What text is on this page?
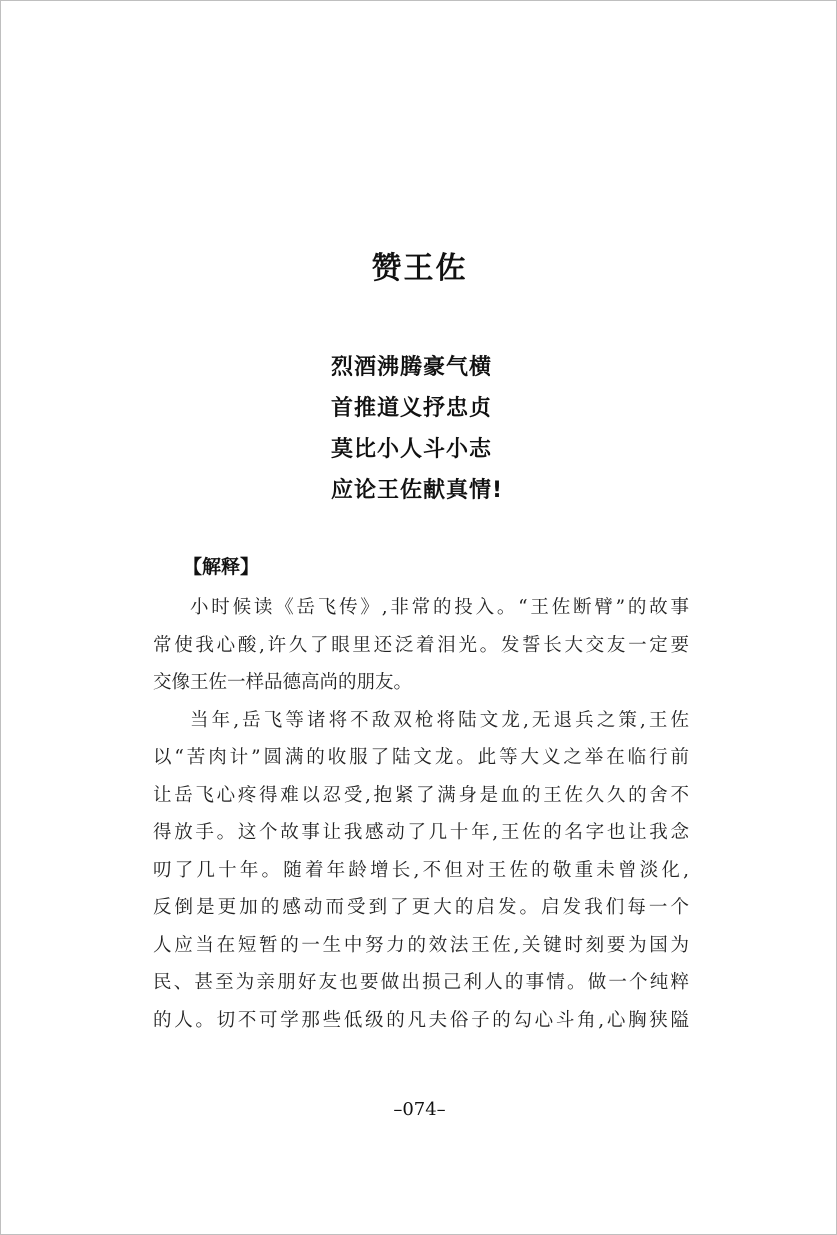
赞王佐
烈酒沸腾豪气横
首推道义抒忠贞
莫比小人斗小志
应论王佐献真情!
【解释】
小时候读《岳飞传》,非常的投入。“王佐断臂”的故事
常使我心酸,许久了眼里还泛着泪光。发誓长大交友一定要
交像王佐一样品德高尚的朋友。
当年,岳飞等诸将不敌双枪将陆文龙,无退兵之策,王佐
以“苦肉计”圆满的收服了陆文龙。此等大义之举在临行前
让岳飞心疼得难以忍受,抱紧了满身是血的王佐久久的舍不
得放手。这个故事让我感动了几十年,王佐的名字也让我念
叨了几十年。随着年龄增长,不但对王佐的敬重未曾淡化,
反倒是更加的感动而受到了更大的启发。启发我们每一个
人应当在短暂的一生中努力的效法王佐,关键时刻要为国为
民、甚至为亲朋好友也要做出损己利人的事情。做一个纯粹
的人。切不可学那些低级的凡夫俗子的勾心斗角,心胸狭隘
–074–
